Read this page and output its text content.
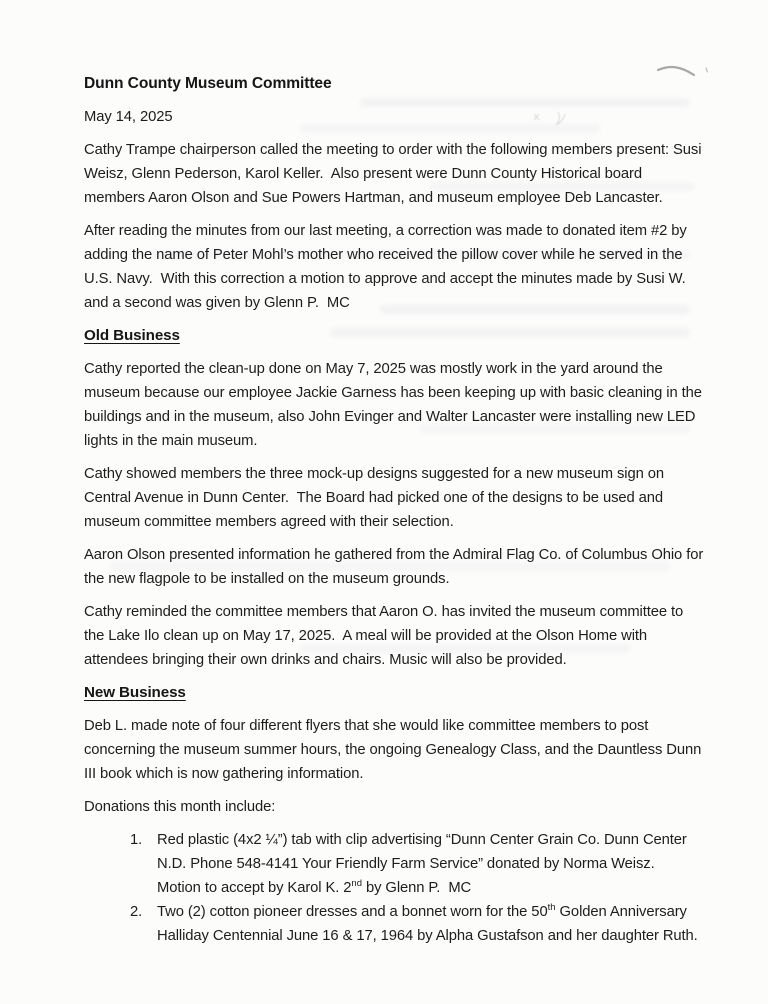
Dunn County Museum Committee

May 14, 2025

Cathy Trampe chairperson called the meeting to order with the following members present: Susi Weisz, Glenn Pederson, Karol Keller.  Also present were Dunn County Historical board members Aaron Olson and Sue Powers Hartman, and museum employee Deb Lancaster.

After reading the minutes from our last meeting, a correction was made to donated item #2 by adding the name of Peter Mohl’s mother who received the pillow cover while he served in the U.S. Navy.  With this correction a motion to approve and accept the minutes made by Susi W. and a second was given by Glenn P.  MC

Old Business

Cathy reported the clean-up done on May 7, 2025 was mostly work in the yard around the museum because our employee Jackie Garness has been keeping up with basic cleaning in the buildings and in the museum, also John Evinger and Walter Lancaster were installing new LED lights in the main museum.

Cathy showed members the three mock-up designs suggested for a new museum sign on Central Avenue in Dunn Center.  The Board had picked one of the designs to be used and museum committee members agreed with their selection.

Aaron Olson presented information he gathered from the Admiral Flag Co. of Columbus Ohio for the new flagpole to be installed on the museum grounds.

Cathy reminded the committee members that Aaron O. has invited the museum committee to the Lake Ilo clean up on May 17, 2025.  A meal will be provided at the Olson Home with attendees bringing their own drinks and chairs. Music will also be provided.

New Business

Deb L. made note of four different flyers that she would like committee members to post concerning the museum summer hours, the ongoing Genealogy Class, and the Dauntless Dunn III book which is now gathering information.

Donations this month include:

1.	Red plastic (4x2 ¼”) tab with clip advertising “Dunn Center Grain Co. Dunn Center N.D. Phone 548-4141 Your Friendly Farm Service” donated by Norma Weisz.  Motion to accept by Karol K. 2nd by Glenn P.  MC
2.	Two (2) cotton pioneer dresses and a bonnet worn for the 50th Golden Anniversary Halliday Centennial June 16 & 17, 1964 by Alpha Gustafson and her daughter Ruth.
